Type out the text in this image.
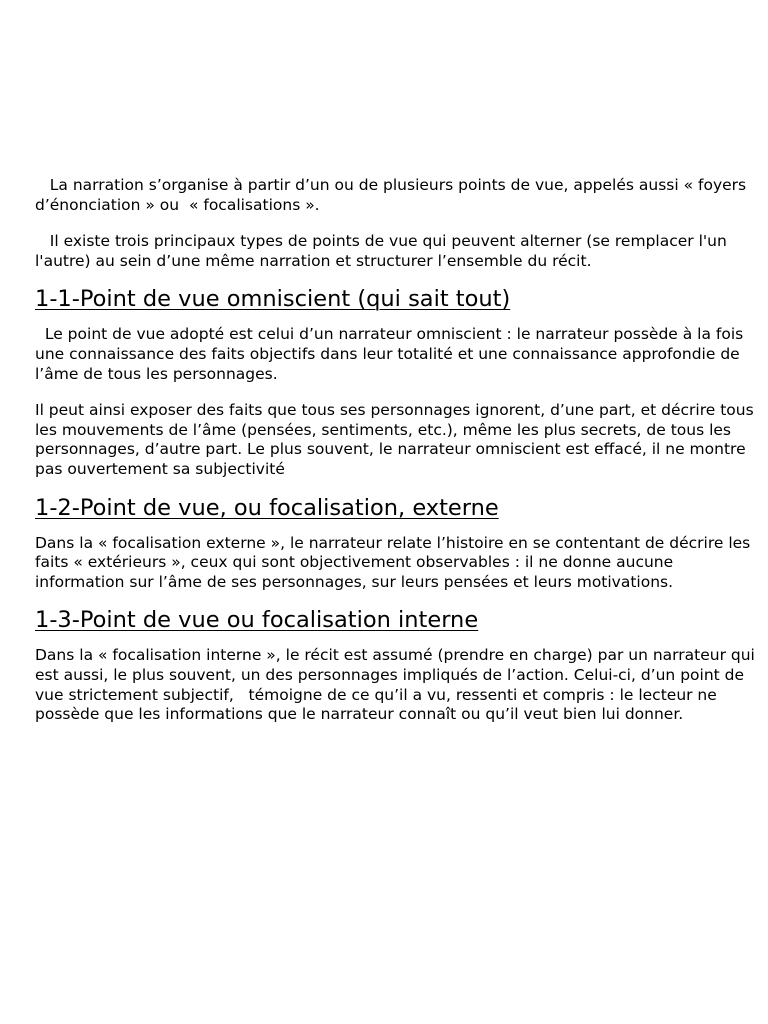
La narration s’organise à partir d’un ou de plusieurs points de vue, appelés aussi « foyers d’énonciation » ou  « focalisations ».

Il existe trois principaux types de points de vue qui peuvent alterner (se remplacer l'un l'autre) au sein d’une même narration et structurer l’ensemble du récit.

1-1-Point de vue omniscient (qui sait tout)

Le point de vue adopté est celui d’un narrateur omniscient : le narrateur possède à la fois une connaissance des faits objectifs dans leur totalité et une connaissance approfondie de l’âme de tous les personnages.

Il peut ainsi exposer des faits que tous ses personnages ignorent, d’une part, et décrire tous les mouvements de l’âme (pensées, sentiments, etc.), même les plus secrets, de tous les personnages, d’autre part. Le plus souvent, le narrateur omniscient est effacé, il ne montre pas ouvertement sa subjectivité

1-2-Point de vue, ou focalisation, externe

Dans la « focalisation externe », le narrateur relate l’histoire en se contentant de décrire les faits « extérieurs », ceux qui sont objectivement observables : il ne donne aucune information sur l’âme de ses personnages, sur leurs pensées et leurs motivations.

1-3-Point de vue ou focalisation interne

Dans la « focalisation interne », le récit est assumé (prendre en charge) par un narrateur qui est aussi, le plus souvent, un des personnages impliqués de l’action. Celui-ci, d’un point de vue strictement subjectif,   témoigne de ce qu’il a vu, ressenti et compris : le lecteur ne possède que les informations que le narrateur connaît ou qu’il veut bien lui donner.
